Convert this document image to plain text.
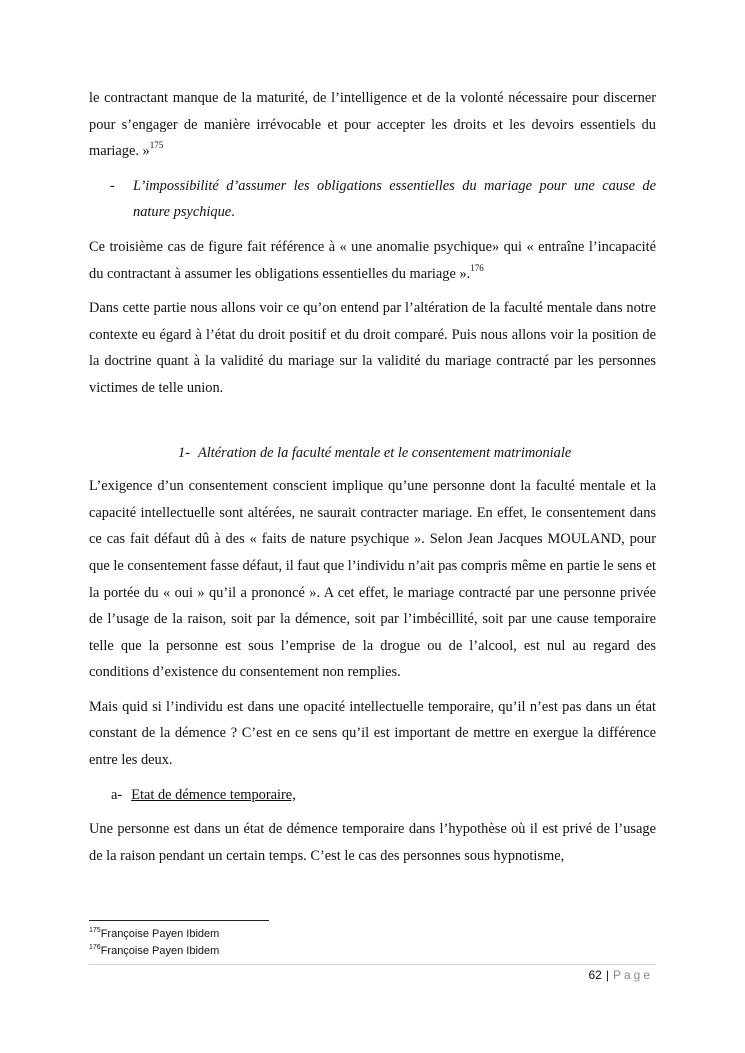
le contractant manque de la maturité, de l’intelligence et de la volonté nécessaire pour discerner pour s’engager de manière irrévocable et pour accepter les droits et les devoirs essentiels du mariage. »$^{175}$

-	L’impossibilité d’assumer les obligations essentielles du mariage pour une cause de nature psychique.

Ce troisième cas de figure fait référence à « une anomalie psychique» qui « entraîne l’incapacité du contractant à assumer les obligations essentielles du mariage ».$^{176}$

Dans cette partie nous allons voir ce qu’on entend par l’altération de la faculté mentale dans notre contexte eu égard à l’état du droit positif et du droit comparé. Puis nous allons voir la position de la doctrine quant à la validité du mariage sur la validité du mariage contracté par les personnes victimes de telle union.

1- Altération de la faculté mentale et le consentement matrimoniale

L’exigence d’un consentement conscient implique qu’une personne dont la faculté mentale et la capacité intellectuelle sont altérées, ne saurait contracter mariage. En effet, le consentement dans ce cas fait défaut dû à des « faits de nature psychique ». Selon Jean Jacques MOULAND, pour que le consentement fasse défaut, il faut que l’individu n’ait pas compris même en partie le sens et la portée du « oui » qu’il a prononcé ». A cet effet, le mariage contracté par une personne privée de l’usage de la raison, soit par la démence, soit par l’imbécillité, soit par une cause temporaire telle que la personne est sous l’emprise de la drogue ou de l’alcool, est nul au regard des conditions d’existence du consentement non remplies.

Mais quid si l’individu est dans une opacité intellectuelle temporaire, qu’il n’est pas dans un état constant de la démence ? C’est en ce sens qu’il est important de mettre en exergue la différence entre les deux.

a- Etat de démence temporaire,

Une personne est dans un état de démence temporaire dans l’hypothèse où il est privé de l’usage de la raison pendant un certain temps. C’est le cas des personnes sous hypnotisme,

$^{175}$Françoise Payen Ibidem
$^{176}$Françoise Payen Ibidem
62 | Page
